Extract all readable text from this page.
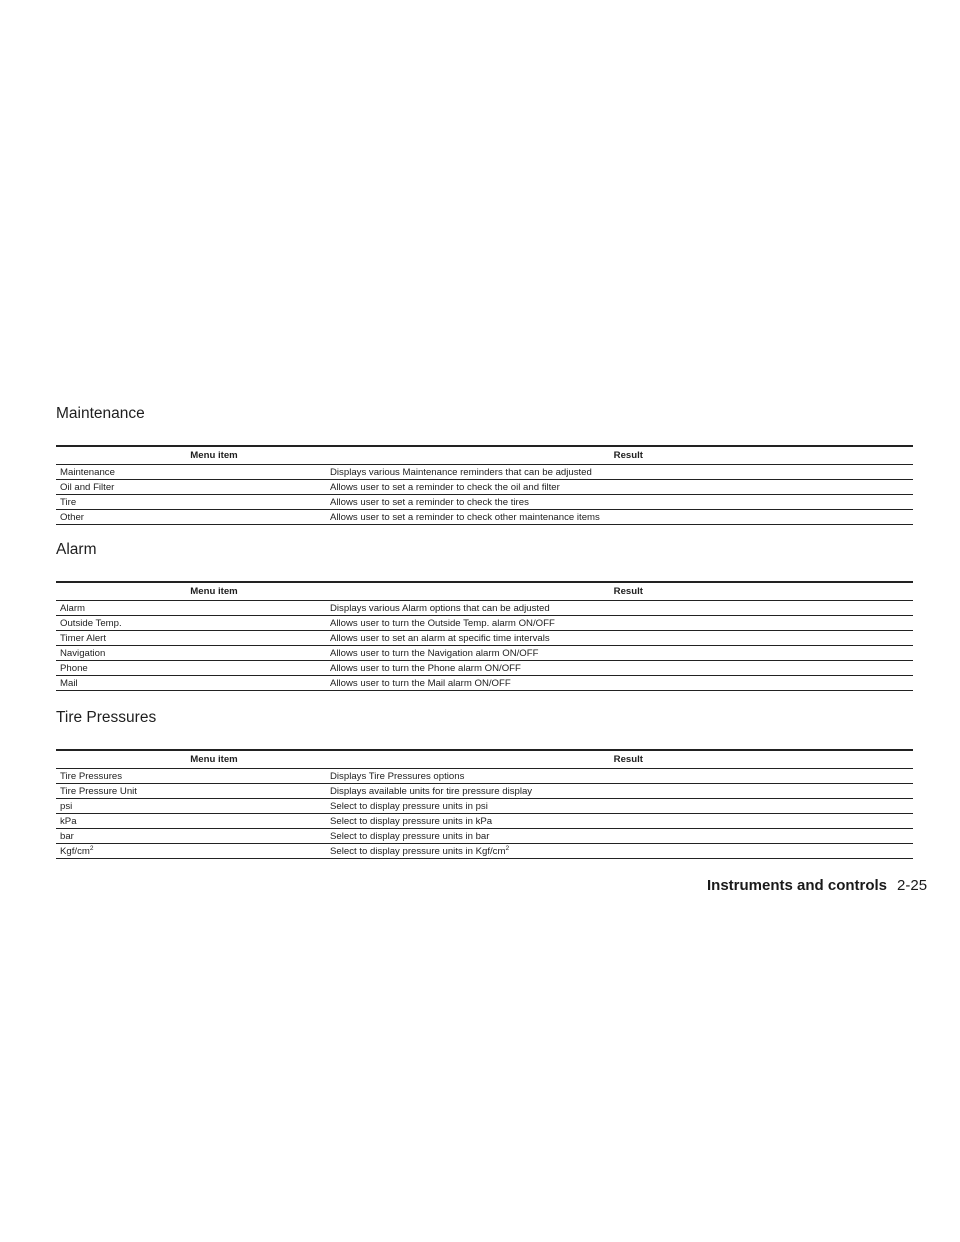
Maintenance
Menu item	Result
Maintenance	Displays various Maintenance reminders that can be adjusted
Oil and Filter	Allows user to set a reminder to check the oil and filter
Tire	Allows user to set a reminder to check the tires
Other	Allows user to set a reminder to check other maintenance items
Alarm
Menu item	Result
Alarm	Displays various Alarm options that can be adjusted
Outside Temp.	Allows user to turn the Outside Temp. alarm ON/OFF
Timer Alert	Allows user to set an alarm at specific time intervals
Navigation	Allows user to turn the Navigation alarm ON/OFF
Phone	Allows user to turn the Phone alarm ON/OFF
Mail	Allows user to turn the Mail alarm ON/OFF
Tire Pressures
Menu item	Result
Tire Pressures	Displays Tire Pressures options
Tire Pressure Unit	Displays available units for tire pressure display
psi	Select to display pressure units in psi
kPa	Select to display pressure units in kPa
bar	Select to display pressure units in bar
Kgf/$cm^2$	Select to display pressure units in Kgf/$cm^2$
Instruments and controls 2-25
